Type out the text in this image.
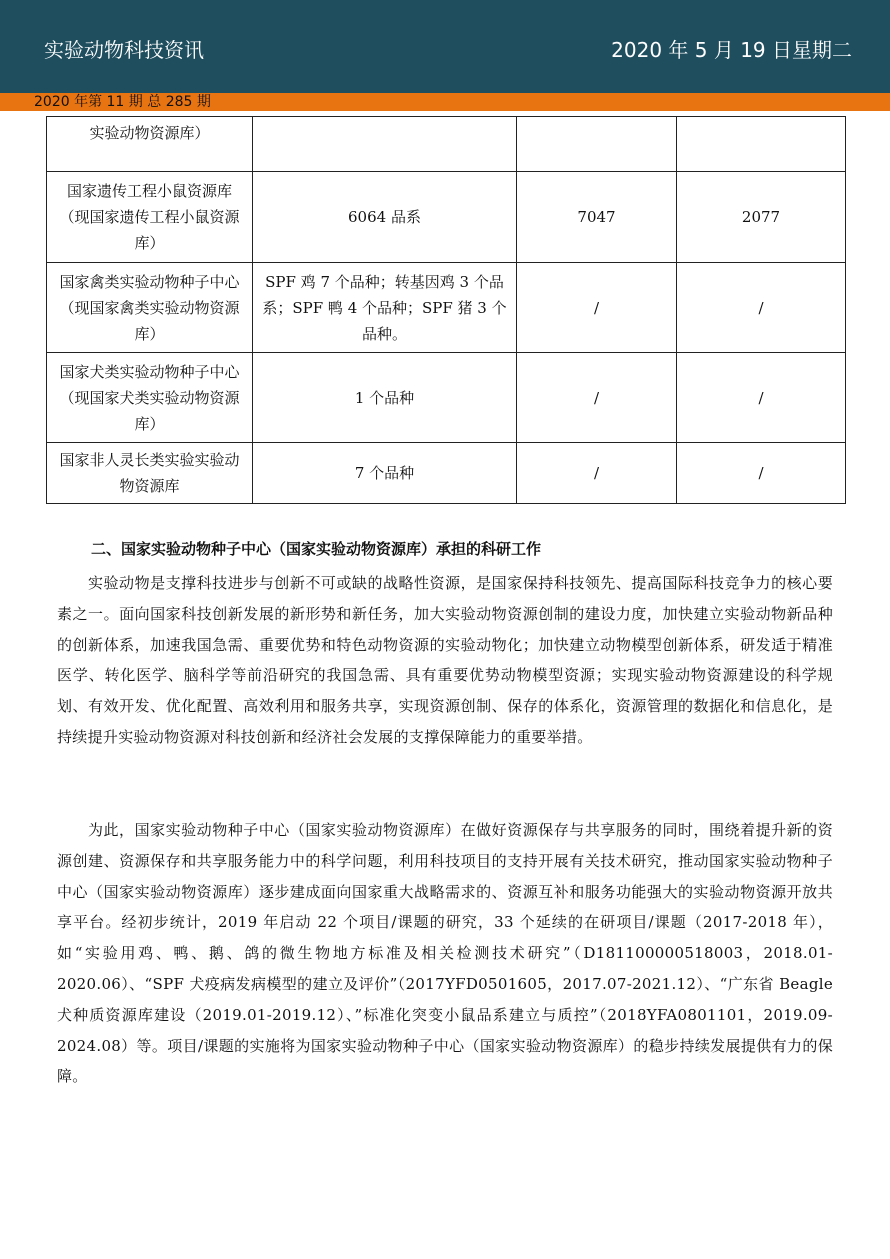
实验动物科技资讯	2020 年 5 月 19 日星期二
2020 年第 11 期 总 285 期
实验动物资源库）			
国家遗传工程小鼠资源库（现国家遗传工程小鼠资源库）	6064 品系	7047	2077
国家禽类实验动物种子中心（现国家禽类实验动物资源库）	SPF 鸡 7 个品种；转基因鸡 3 个品系；SPF 鸭 4 个品种；SPF 猪 3 个品种。	/	/
国家犬类实验动物种子中心（现国家犬类实验动物资源库）	1 个品种	/	/
国家非人灵长类实验实验动物资源库	7 个品种	/	/
二、国家实验动物种子中心（国家实验动物资源库）承担的科研工作

实验动物是支撑科技进步与创新不可或缺的战略性资源，是国家保持科技领先、提高国际科技竞争力的核心要素之一。面向国家科技创新发展的新形势和新任务，加大实验动物资源创制的建设力度，加快建立实验动物新品种的创新体系，加速我国急需、重要优势和特色动物资源的实验动物化；加快建立动物模型创新体系，研发适于精准医学、转化医学、脑科学等前沿研究的我国急需、具有重要优势动物模型资源；实现实验动物资源建设的科学规划、有效开发、优化配置、高效利用和服务共享，实现资源创制、保存的体系化，资源管理的数据化和信息化，是持续提升实验动物资源对科技创新和经济社会发展的支撑保障能力的重要举措。

为此，国家实验动物种子中心（国家实验动物资源库）在做好资源保存与共享服务的同时，围绕着提升新的资源创建、资源保存和共享服务能力中的科学问题，利用科技项目的支持开展有关技术研究，推动国家实验动物种子中心（国家实验动物资源库）逐步建成面向国家重大战略需求的、资源互补和服务功能强大的实验动物资源开放共享平台。经初步统计，2019 年启动 22 个项目/课题的研究，33 个延续的在研项目/课题（2017-2018 年），如“实验用鸡、鸭、鹅、鸽的微生物地方标准及相关检测技术研究”（D181100000518003，2018.01-2020.06）、“SPF 犬疫病发病模型的建立及评价”（2017YFD0501605，2017.07-2021.12）、“广东省 Beagle 犬种质资源库建设（2019.01-2019.12）、”标准化突变小鼠品系建立与质控”（2018YFA0801101，2019.09-2024.08）等。项目/课题的实施将为国家实验动物种子中心（国家实验动物资源库）的稳步持续发展提供有力的保障。
